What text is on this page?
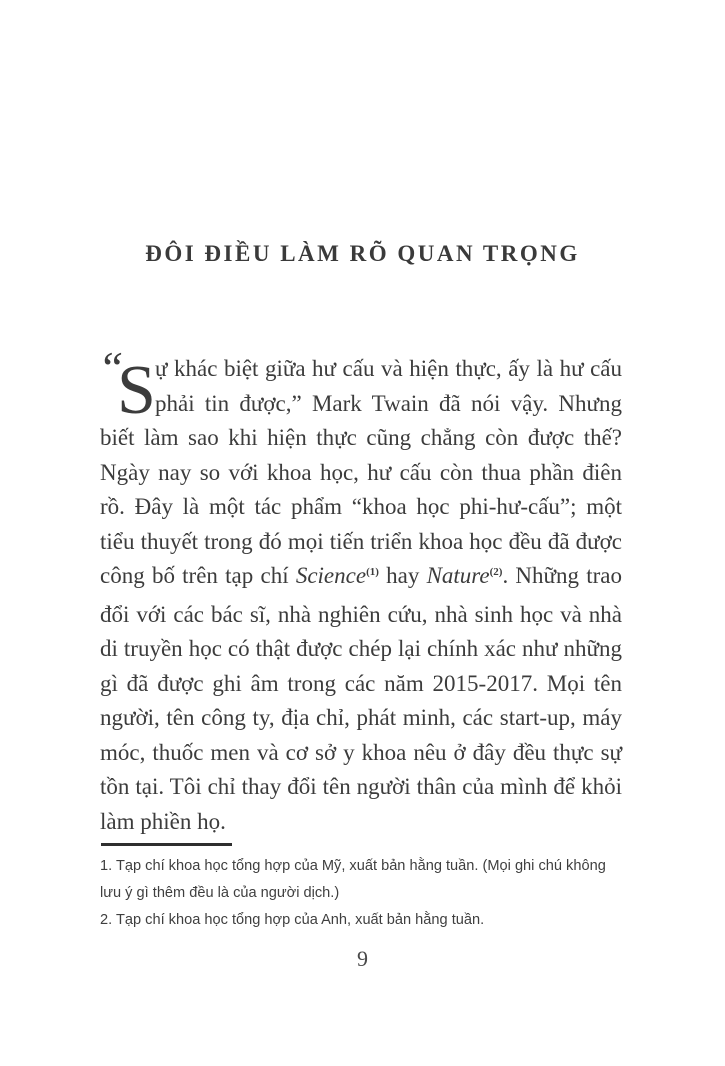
ĐÔI ĐIỀU LÀM RÕ QUAN TRỌNG
“
S ự khác biệt giữa hư cấu và hiện thực, ấy là hư cấu phải tin được,” Mark Twain đã nói vậy. Nhưng biết làm sao khi hiện thực cũng chẳng còn được thế? Ngày nay so với khoa học, hư cấu còn thua phần điên rồ. Đây là một tác phẩm “khoa học phi-hư-cấu”; một tiểu thuyết trong đó mọi tiến triển khoa học đều đã được công bố trên tạp chí Science$^{(1)}$ hay Nature$^{(2)}$. Những trao đổi với các bác sĩ, nhà nghiên cứu, nhà sinh học và nhà di truyền học có thật được chép lại chính xác như những gì đã được ghi âm trong các năm 2015-2017. Mọi tên người, tên công ty, địa chỉ, phát minh, các start-up, máy móc, thuốc men và cơ sở y khoa nêu ở đây đều thực sự tồn tại. Tôi chỉ thay đổi tên người thân của mình để khỏi làm phiền họ.

1. Tạp chí khoa học tổng hợp của Mỹ, xuất bản hằng tuần. (Mọi ghi chú không lưu ý gì thêm đều là của người dịch.)

2. Tạp chí khoa học tổng hợp của Anh, xuất bản hằng tuần.

9
